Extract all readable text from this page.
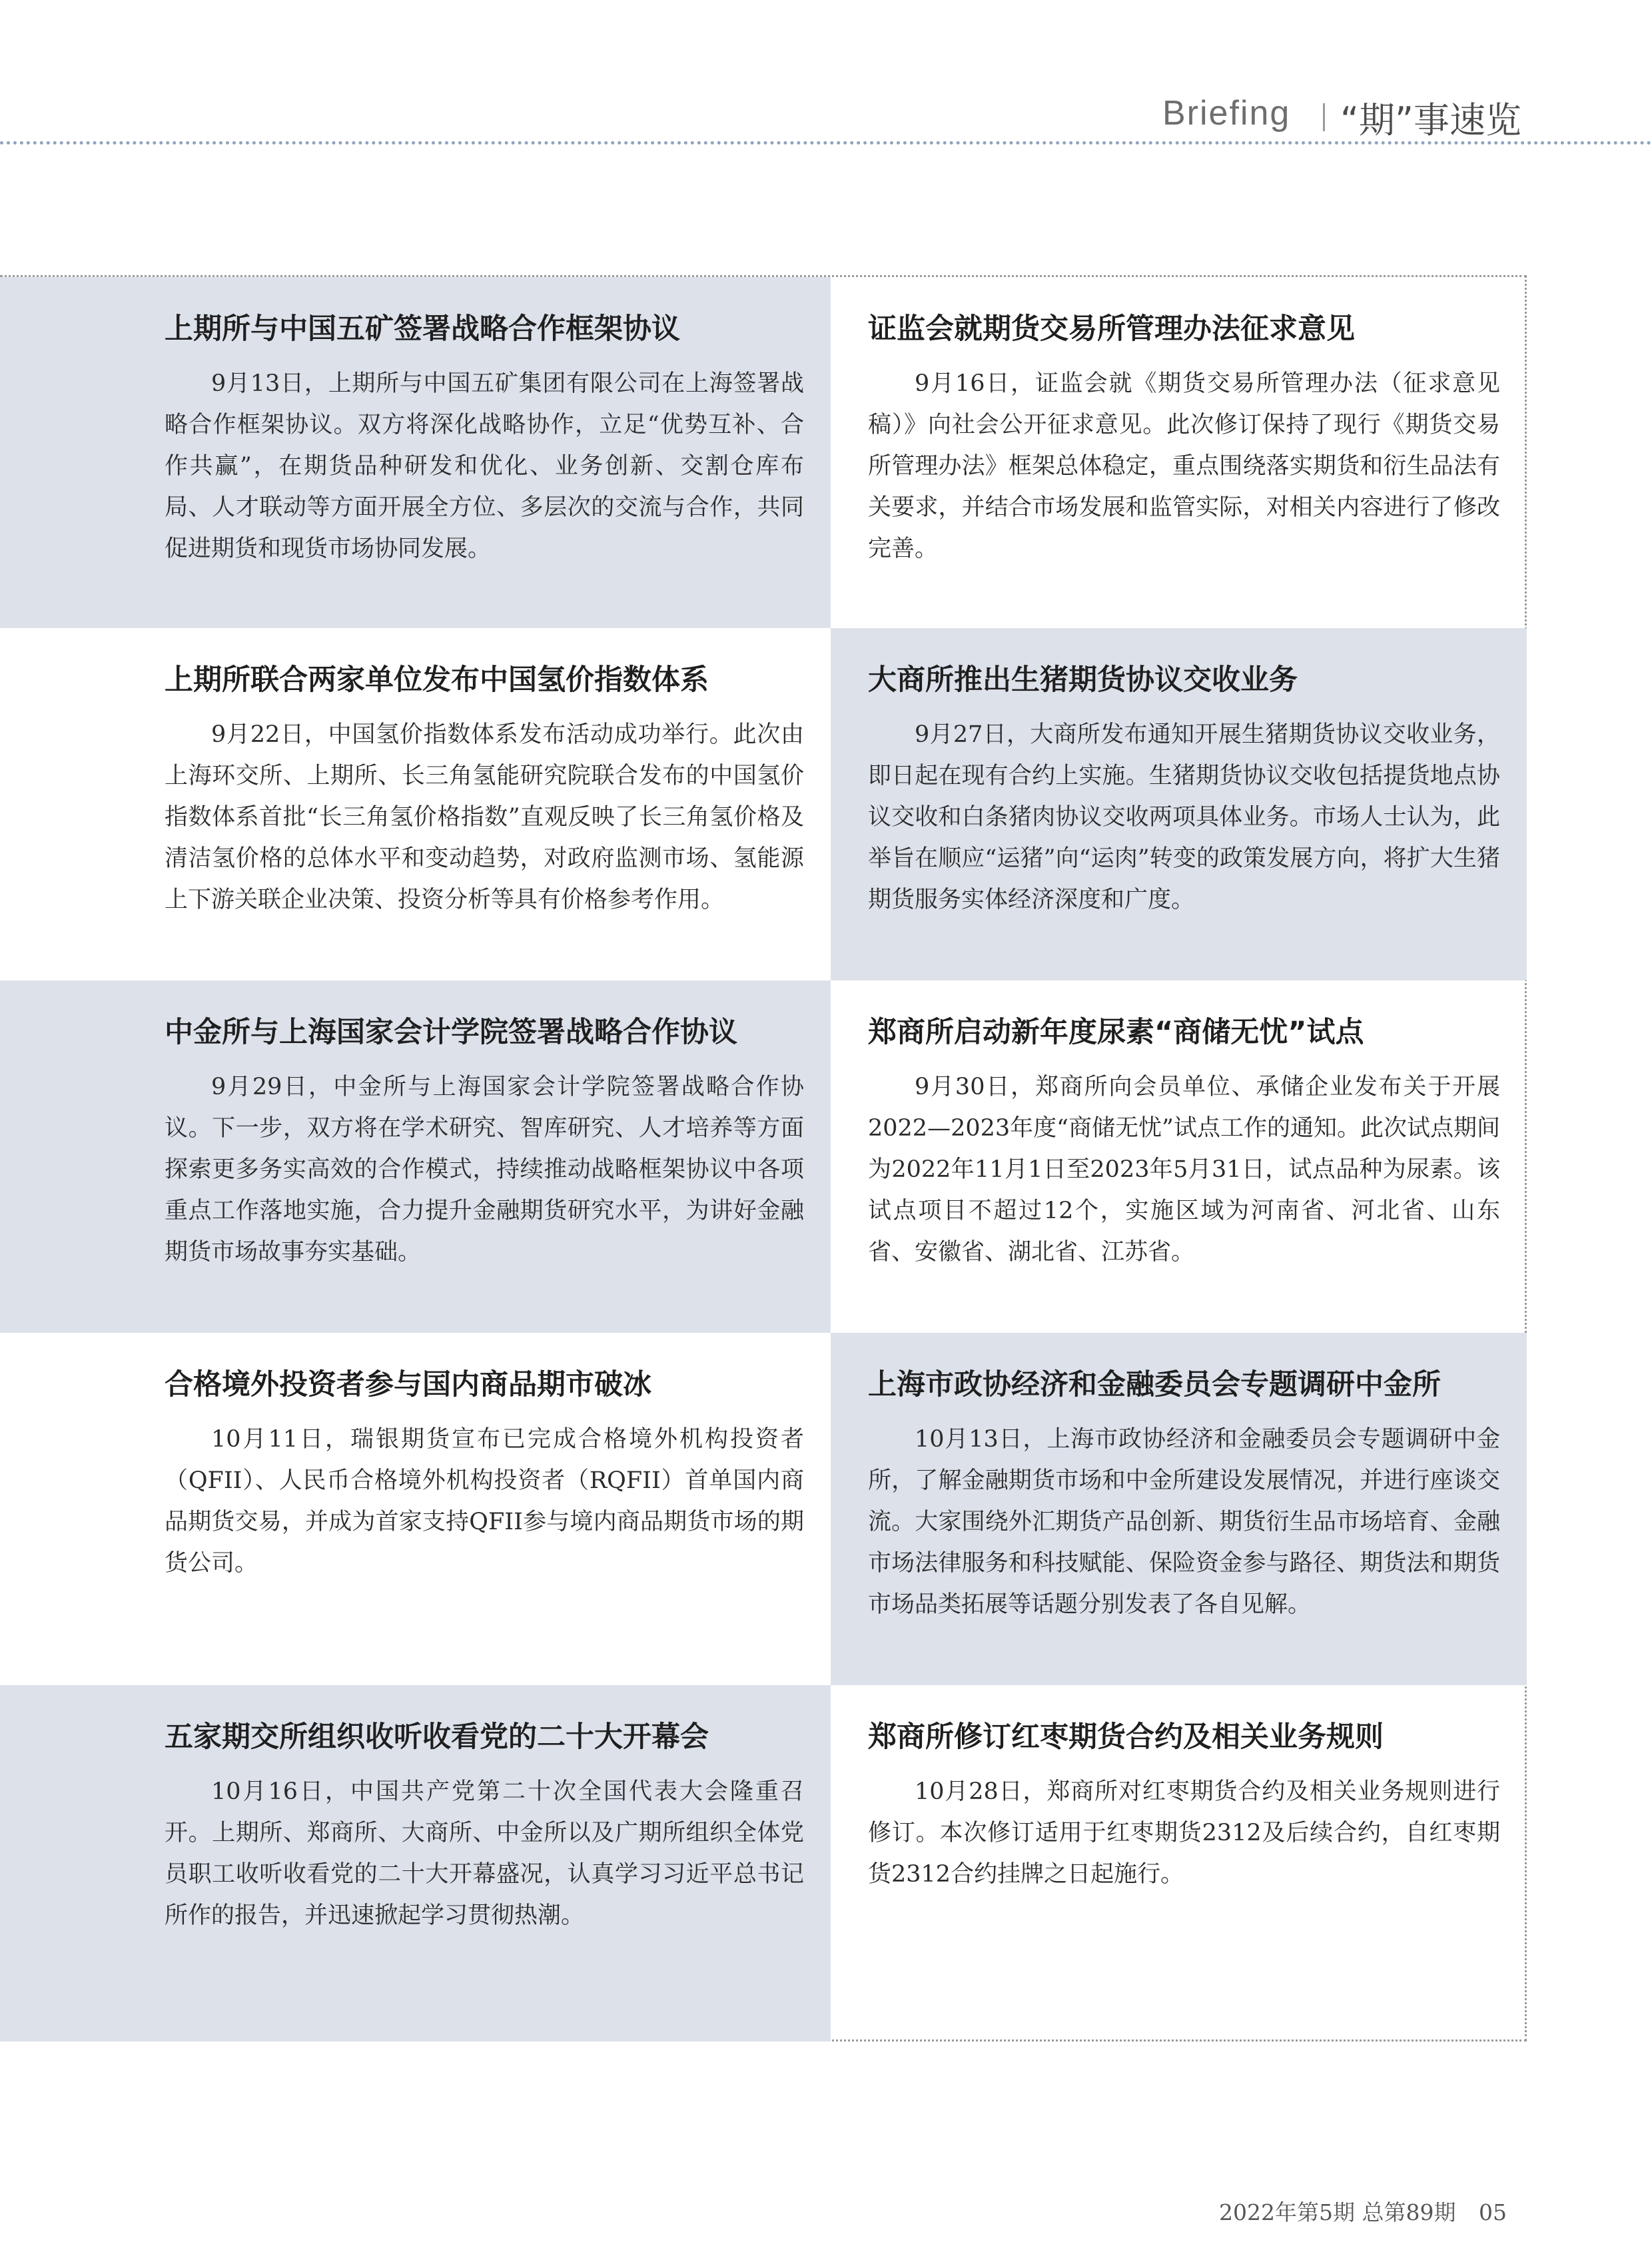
Briefing “期”事速览
上期所与中国五矿签署战略合作框架协议

9月13日，上期所与中国五矿集团有限公司在上海签署战略合作框架协议。双方将深化战略协作，立足“优势互补、合作共赢”，在期货品种研发和优化、业务创新、交割仓库布局、人才联动等方面开展全方位、多层次的交流与合作，共同促进期货和现货市场协同发展。

证监会就期货交易所管理办法征求意见

9月16日，证监会就《期货交易所管理办法（征求意见稿）》向社会公开征求意见。此次修订保持了现行《期货交易所管理办法》框架总体稳定，重点围绕落实期货和衍生品法有关要求，并结合市场发展和监管实际，对相关内容进行了修改完善。

上期所联合两家单位发布中国氢价指数体系

9月22日，中国氢价指数体系发布活动成功举行。此次由上海环交所、上期所、长三角氢能研究院联合发布的中国氢价指数体系首批“长三角氢价格指数”直观反映了长三角氢价格及清洁氢价格的总体水平和变动趋势，对政府监测市场、氢能源上下游关联企业决策、投资分析等具有价格参考作用。

大商所推出生猪期货协议交收业务

9月27日，大商所发布通知开展生猪期货协议交收业务，即日起在现有合约上实施。生猪期货协议交收包括提货地点协议交收和白条猪肉协议交收两项具体业务。市场人士认为，此举旨在顺应“运猪”向“运肉”转变的政策发展方向，将扩大生猪期货服务实体经济深度和广度。

中金所与上海国家会计学院签署战略合作协议

9月29日，中金所与上海国家会计学院签署战略合作协议。下一步，双方将在学术研究、智库研究、人才培养等方面探索更多务实高效的合作模式，持续推动战略框架协议中各项重点工作落地实施，合力提升金融期货研究水平，为讲好金融期货市场故事夯实基础。

郑商所启动新年度尿素“商储无忧”试点

9月30日，郑商所向会员单位、承储企业发布关于开展2022—2023年度“商储无忧”试点工作的通知。此次试点期间为2022年11月1日至2023年5月31日，试点品种为尿素。该试点项目不超过12个，实施区域为河南省、河北省、山东省、安徽省、湖北省、江苏省。

合格境外投资者参与国内商品期市破冰

10月11日，瑞银期货宣布已完成合格境外机构投资者（QFII）、人民币合格境外机构投资者（RQFII）首单国内商品期货交易，并成为首家支持QFII参与境内商品期货市场的期货公司。

上海市政协经济和金融委员会专题调研中金所

10月13日，上海市政协经济和金融委员会专题调研中金所，了解金融期货市场和中金所建设发展情况，并进行座谈交流。大家围绕外汇期货产品创新、期货衍生品市场培育、金融市场法律服务和科技赋能、保险资金参与路径、期货法和期货市场品类拓展等话题分别发表了各自见解。

五家期交所组织收听收看党的二十大开幕会

10月16日，中国共产党第二十次全国代表大会隆重召开。上期所、郑商所、大商所、中金所以及广期所组织全体党员职工收听收看党的二十大开幕盛况，认真学习习近平总书记所作的报告，并迅速掀起学习贯彻热潮。

郑商所修订红枣期货合约及相关业务规则

10月28日，郑商所对红枣期货合约及相关业务规则进行修订。本次修订适用于红枣期货2312及后续合约，自红枣期货2312合约挂牌之日起施行。

2022年第5期 总第89期 05
